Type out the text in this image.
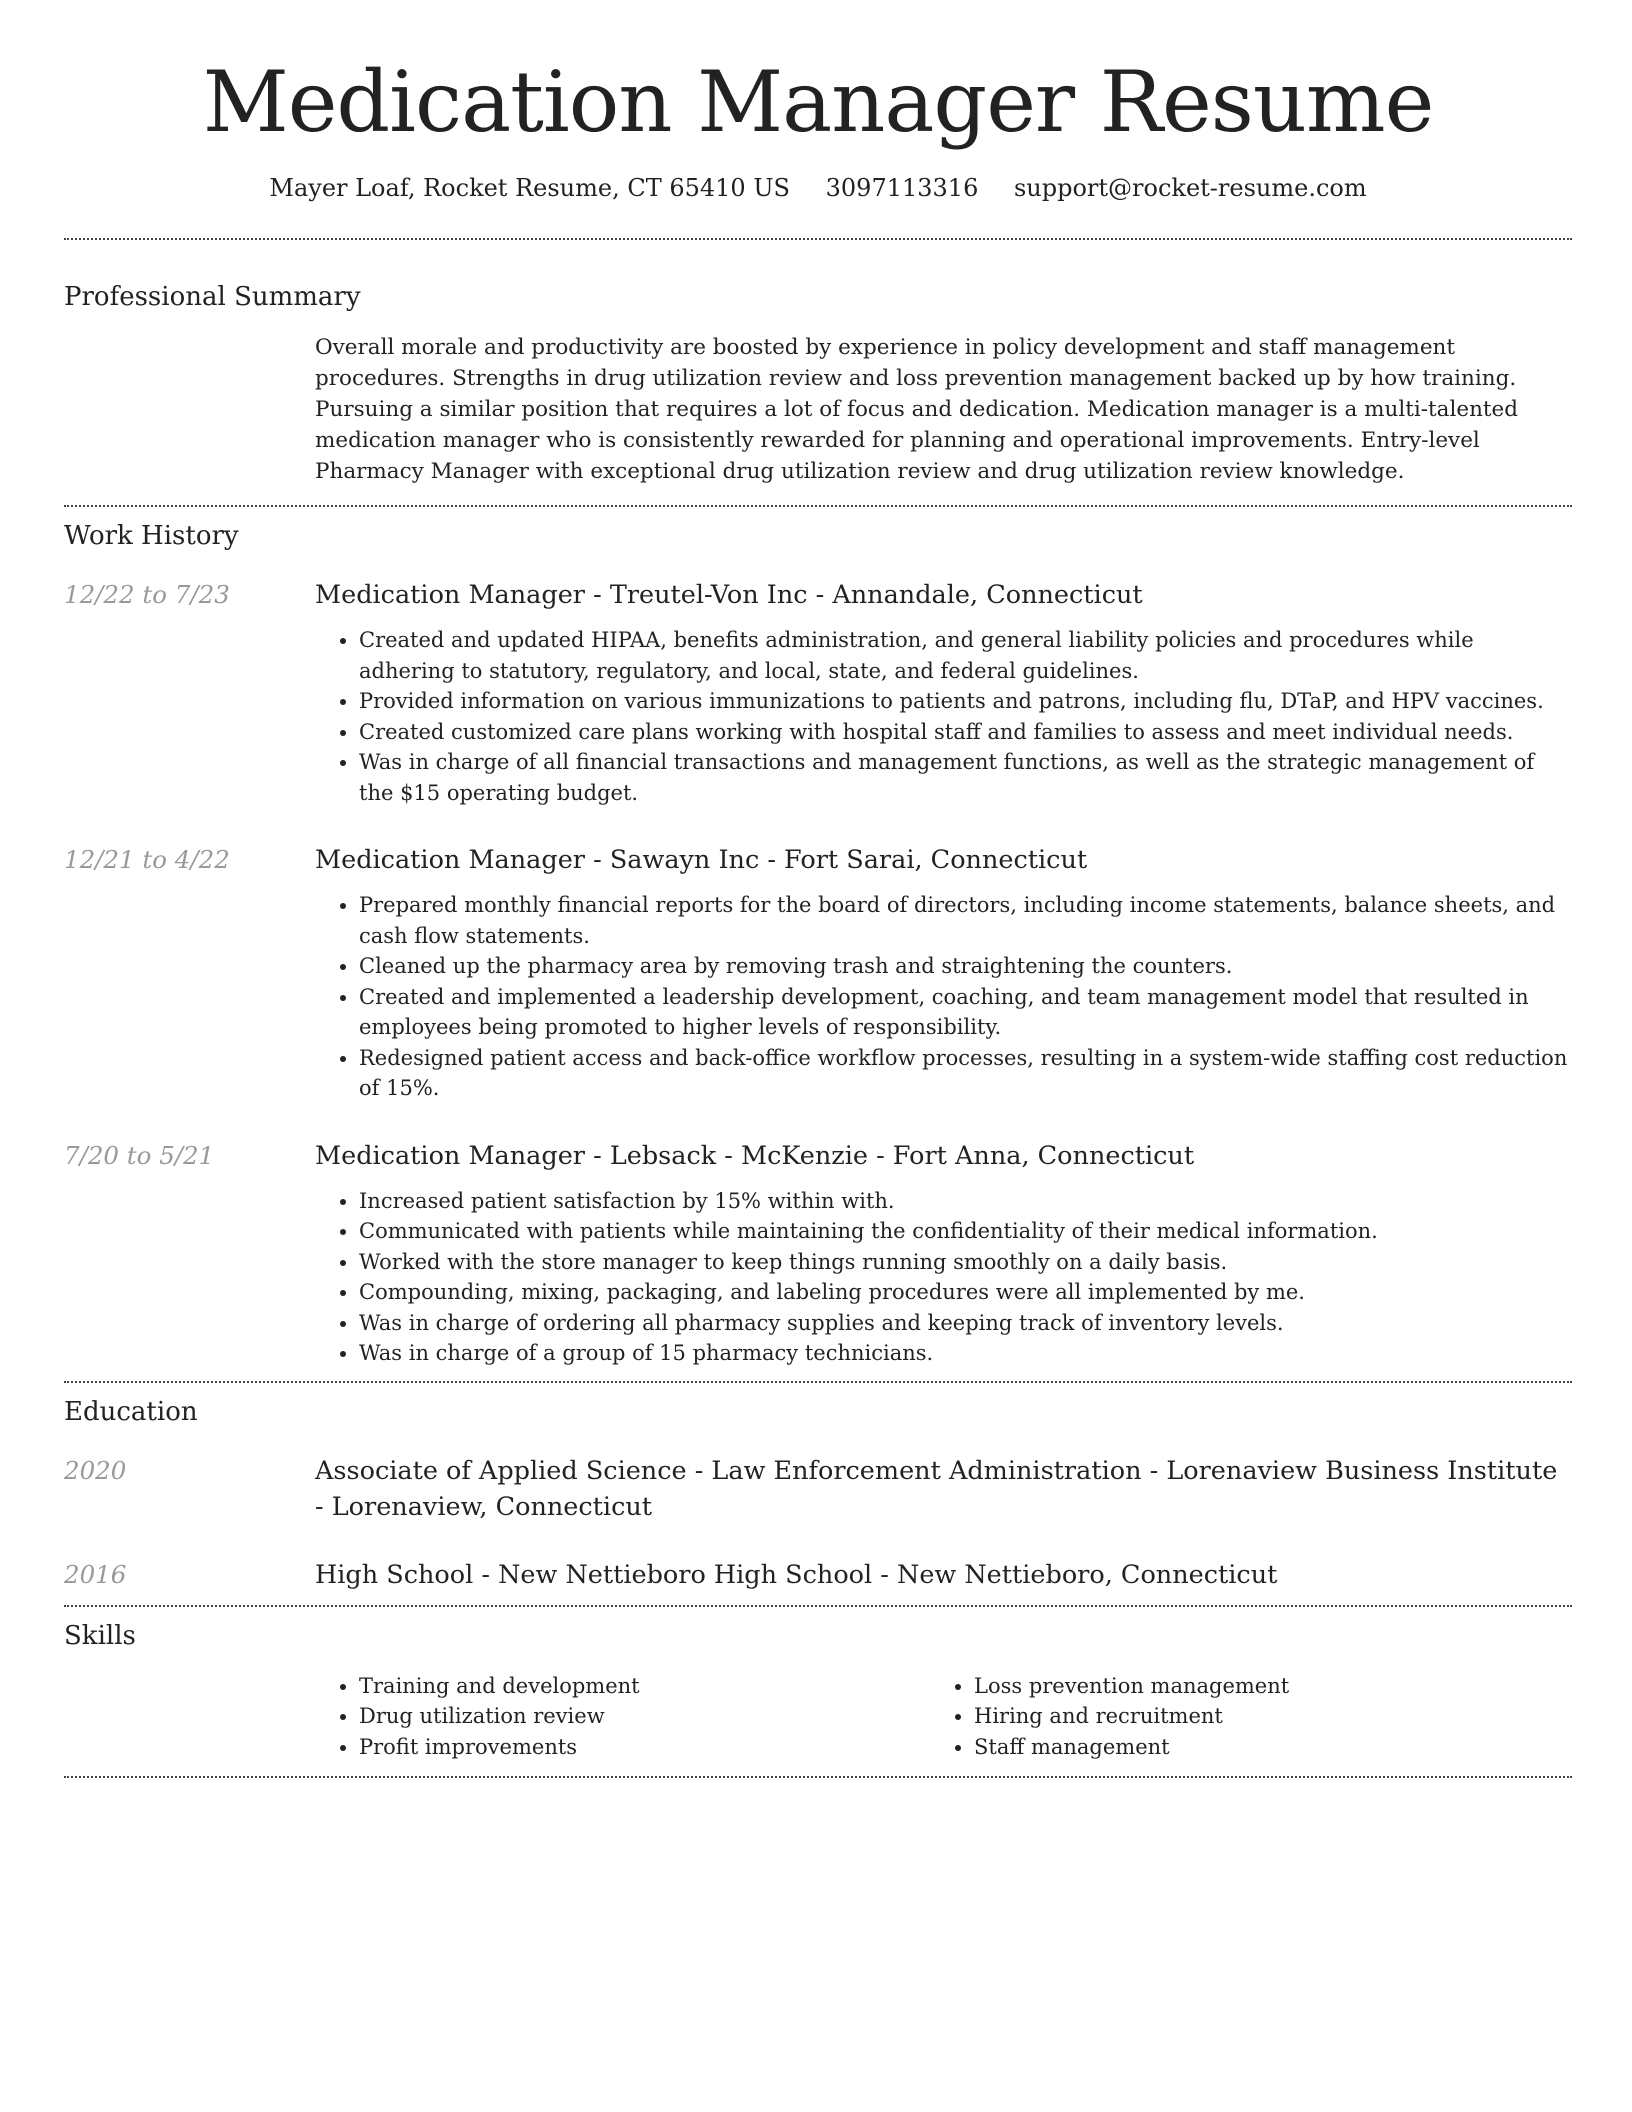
Medication Manager Resume
Mayer Loaf, Rocket Resume, CT 65410 US 3097113316 support@rocket-resume.com
Professional Summary
Overall morale and productivity are boosted by experience in policy development and staff management procedures. Strengths in drug utilization review and loss prevention management backed up by how training. Pursuing a similar position that requires a lot of focus and dedication. Medication manager is a multi-talented medication manager who is consistently rewarded for planning and operational improvements. Entry-level Pharmacy Manager with exceptional drug utilization review and drug utilization review knowledge.
Work History
12/22 to 7/23	Medication Manager - Treutel-Von Inc - Annandale, Connecticut
• Created and updated HIPAA, benefits administration, and general liability policies and procedures while adhering to statutory, regulatory, and local, state, and federal guidelines.
• Provided information on various immunizations to patients and patrons, including flu, DTaP, and HPV vaccines.
• Created customized care plans working with hospital staff and families to assess and meet individual needs.
• Was in charge of all financial transactions and management functions, as well as the strategic management of the $15 operating budget.
12/21 to 4/22	Medication Manager - Sawayn Inc - Fort Sarai, Connecticut
• Prepared monthly financial reports for the board of directors, including income statements, balance sheets, and cash flow statements.
• Cleaned up the pharmacy area by removing trash and straightening the counters.
• Created and implemented a leadership development, coaching, and team management model that resulted in employees being promoted to higher levels of responsibility.
• Redesigned patient access and back-office workflow processes, resulting in a system-wide staffing cost reduction of 15%.
7/20 to 5/21	Medication Manager - Lebsack - McKenzie - Fort Anna, Connecticut
• Increased patient satisfaction by 15% within with.
• Communicated with patients while maintaining the confidentiality of their medical information.
• Worked with the store manager to keep things running smoothly on a daily basis.
• Compounding, mixing, packaging, and labeling procedures were all implemented by me.
• Was in charge of ordering all pharmacy supplies and keeping track of inventory levels.
• Was in charge of a group of 15 pharmacy technicians.
Education
2020	Associate of Applied Science - Law Enforcement Administration - Lorenaview Business Institute - Lorenaview, Connecticut
2016	High School - New Nettieboro High School - New Nettieboro, Connecticut
Skills
• Training and development
• Drug utilization review
• Profit improvements
• Loss prevention management
• Hiring and recruitment
• Staff management
